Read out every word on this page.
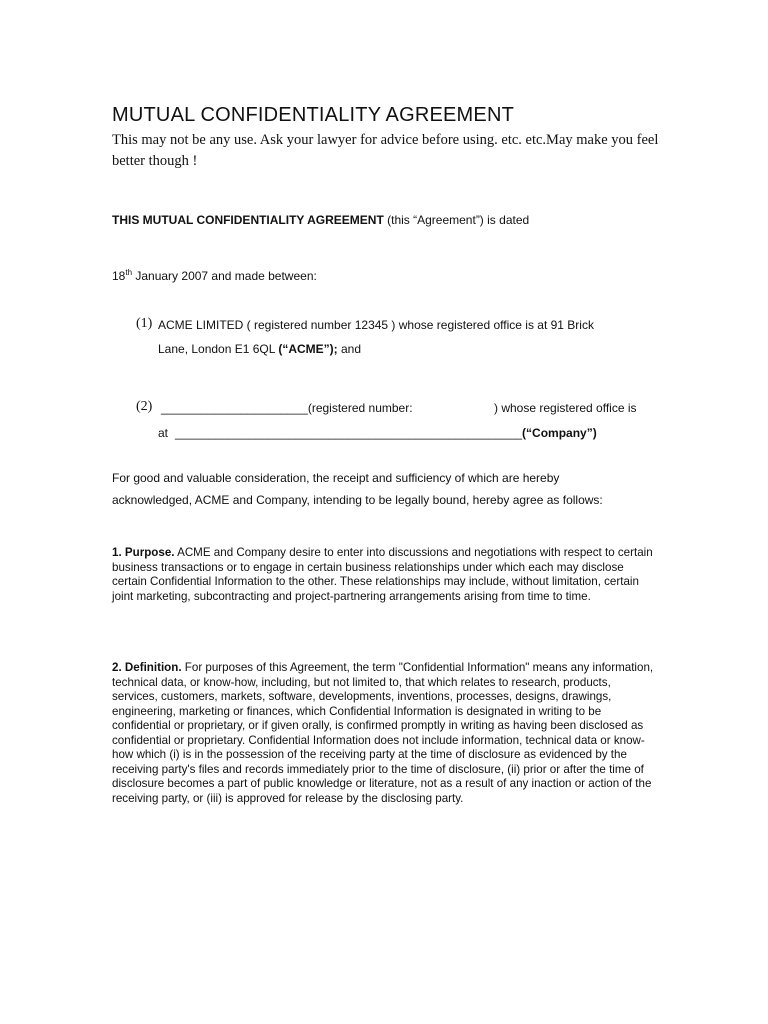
MUTUAL CONFIDENTIALITY AGREEMENT
This may not be any use. Ask your lawyer for advice before using. etc. etc.May make you feel better though !
THIS MUTUAL CONFIDENTIALITY AGREEMENT (this “Agreement”) is dated
18th January 2007 and made between:
(1) ACME LIMITED ( registered number 12345 ) whose registered office is at 91 Brick
Lane, London E1 6QL (“ACME”); and
(2) ______________________(registered number:	) whose registered office is
at ____________________________________________________(“Company”)
For good and valuable consideration, the receipt and sufficiency of which are hereby acknowledged, ACME and Company, intending to be legally bound, hereby agree as follows:
1. Purpose. ACME and Company desire to enter into discussions and negotiations with respect to certain business transactions or to engage in certain business relationships under which each may disclose certain Confidential Information to the other. These relationships may include, without limitation, certain joint marketing, subcontracting and project-partnering arrangements arising from time to time.
2. Definition. For purposes of this Agreement, the term "Confidential Information" means any information, technical data, or know-how, including, but not limited to, that which relates to research, products, services, customers, markets, software, developments, inventions, processes, designs, drawings, engineering, marketing or finances, which Confidential Information is designated in writing to be confidential or proprietary, or if given orally, is confirmed promptly in writing as having been disclosed as confidential or proprietary. Confidential Information does not include information, technical data or know-how which (i) is in the possession of the receiving party at the time of disclosure as evidenced by the receiving party's files and records immediately prior to the time of disclosure, (ii) prior or after the time of disclosure becomes a part of public knowledge or literature, not as a result of any inaction or action of the
receiving party, or (iii) is approved for release by the disclosing party.
